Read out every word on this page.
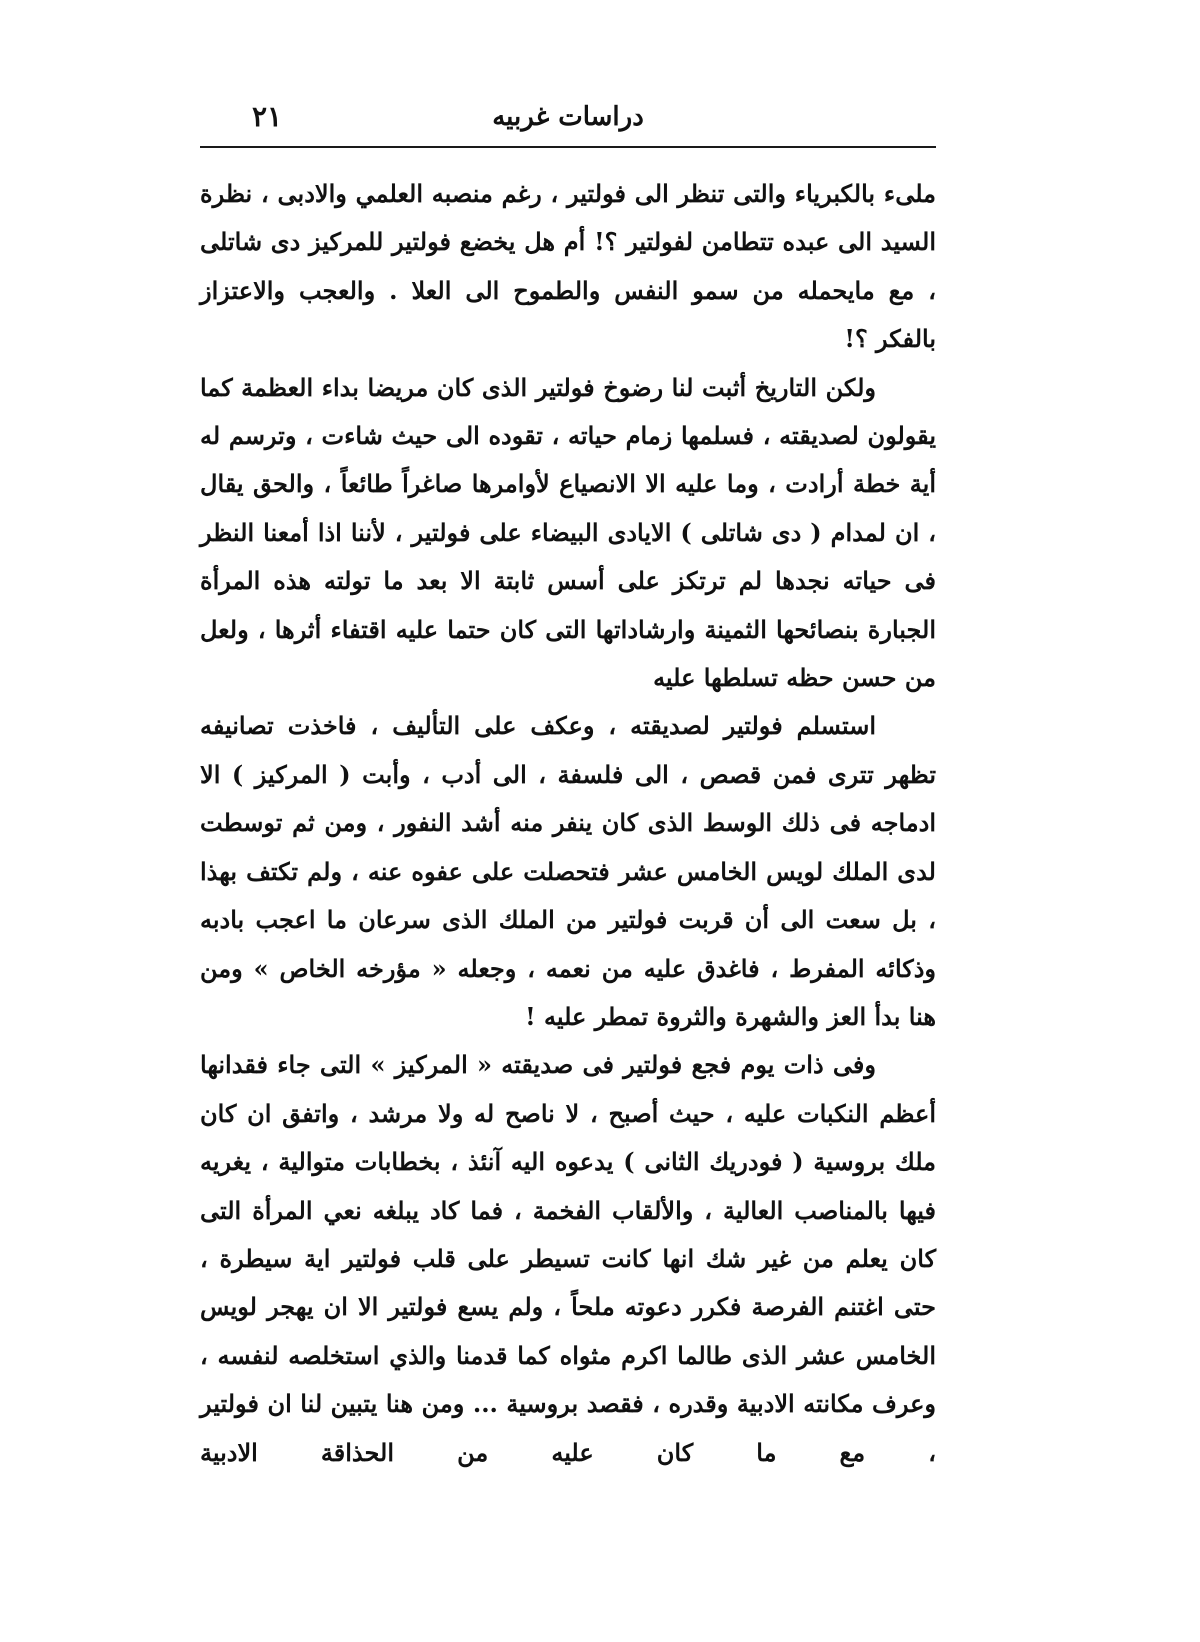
٢١	دراسات غربيه

ملىء بالكبرياء والتى تنظر الى فولتير ، رغم منصبه العلمي والادبى ، نظرة السيد الى عبده تتطامن لفولتير ؟! أم هل يخضع فولتير للمركيز دى شاتلى ، مع مايحمله من سمو النفس والطموح الى العلا . والعجب والاعتزاز بالفكر ؟!

ولكن التاريخ أثبت لنا رضوخ فولتير الذى كان مريضا بداء العظمة كما يقولون لصديقته ، فسلمها زمام حياته ، تقوده الى حيث شاءت ، وترسم له أية خطة أرادت ، وما عليه الا الانصياع لأوامرها صاغراً طائعاً ، والحق يقال ، ان لمدام ( دى شاتلى ) الايادى البيضاء على فولتير ، لأننا اذا أمعنا النظر فى حياته نجدها لم ترتكز على أسس ثابتة الا بعد ما تولته هذه المرأة الجبارة بنصائحها الثمينة وارشاداتها التى كان حتما عليه اقتفاء أثرها ، ولعل من حسن حظه تسلطها عليه

استسلم فولتير لصديقته ، وعكف على التأليف ، فاخذت تصانيفه تظهر تترى فمن قصص ، الى فلسفة ، الى أدب ، وأبت ( المركيز ) الا ادماجه فى ذلك الوسط الذى كان ينفر منه أشد النفور ، ومن ثم توسطت لدى الملك لويس الخامس عشر فتحصلت على عفوه عنه ، ولم تكتف بهذا ، بل سعت الى أن قربت فولتير من الملك الذى سرعان ما اعجب بادبه وذكائه المفرط ، فاغدق عليه من نعمه ، وجعله « مؤرخه الخاص » ومن هنا بدأ العز والشهرة والثروة تمطر عليه !

وفى ذات يوم فجع فولتير فى صديقته « المركيز » التى جاء فقدانها أعظم النكبات عليه ، حيث أصبح ، لا ناصح له ولا مرشد ، واتفق ان كان ملك بروسية ( فودريك الثانى ) يدعوه اليه آنئذ ، بخطابات متوالية ، يغريه فيها بالمناصب العالية ، والألقاب الفخمة ، فما كاد يبلغه نعي المرأة التى كان يعلم من غير شك انها كانت تسيطر على قلب فولتير اية سيطرة ، حتى اغتنم الفرصة فكرر دعوته ملحاً ، ولم يسع فولتير الا ان يهجر لويس الخامس عشر الذى طالما اكرم مثواه كما قدمنا والذي استخلصه لنفسه ، وعرف مكانته الادبية وقدره ، فقصد بروسية ... ومن هنا يتبين لنا ان فولتير ، مع ما كان عليه من الحذاقة الادبية
